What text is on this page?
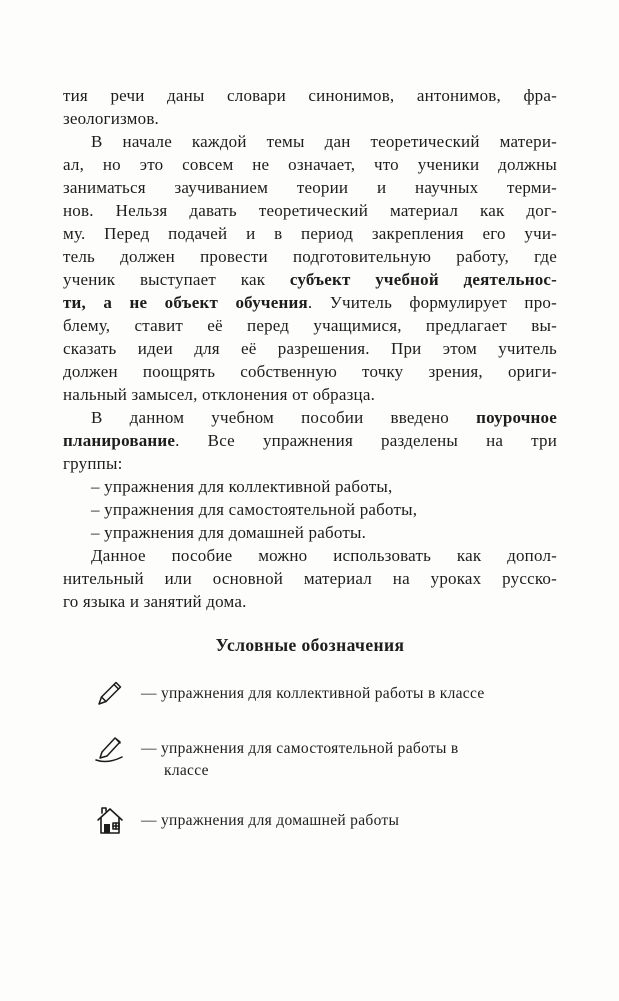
тия речи даны словари синонимов, антонимов, фра-
зеологизмов.
В начале каждой темы дан теоретический матери-
ал, но это совсем не означает, что ученики должны
заниматься заучиванием теории и научных терми-
нов. Нельзя давать теоретический материал как дог-
му. Перед подачей и в период закрепления его учи-
тель должен провести подготовительную работу, где
ученик выступает как субъект учебной деятельнос-
ти, а не объект обучения. Учитель формулирует про-
блему, ставит её перед учащимися, предлагает вы-
сказать идеи для её разрешения. При этом учитель
должен поощрять собственную точку зрения, ориги-
нальный замысел, отклонения от образца.
В данном учебном пособии введено поурочное
планирование. Все упражнения разделены на три
группы:
– упражнения для коллективной работы,
– упражнения для самостоятельной работы,
– упражнения для домашней работы.
Данное пособие можно использовать как допол-
нительный или основной материал на уроках русско-
го языка и занятий дома.
Условные обозначения
— упражнения для коллективной работы в классе
— упражнения для самостоятельной работы в
классе
— упражнения для домашней работы
